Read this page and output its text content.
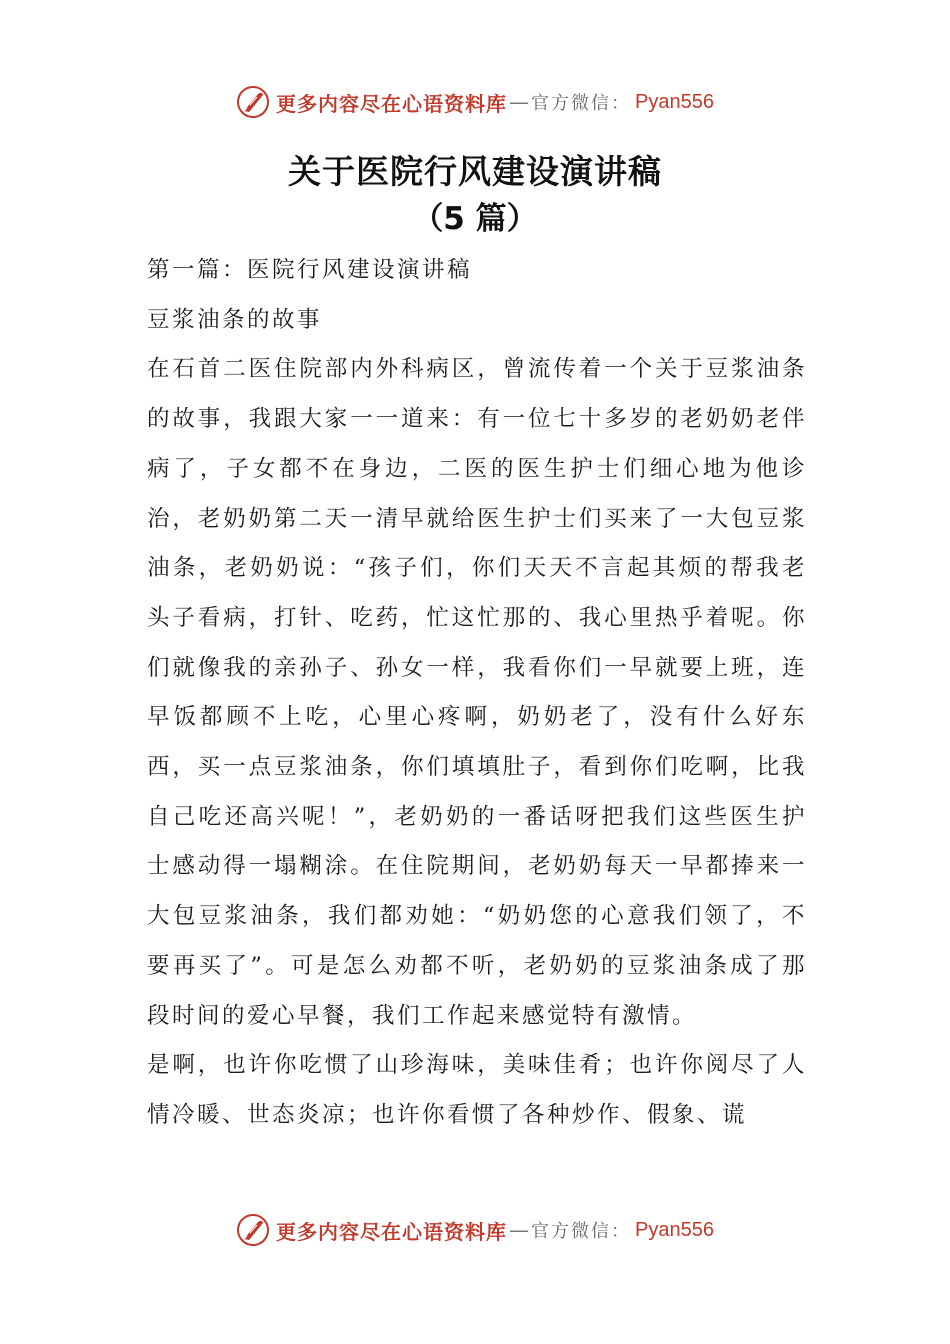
更多内容尽在心语资料库 — 官方微信： Pyan556
关于医院行风建设演讲稿
（5 篇）

第一篇：医院行风建设演讲稿

豆浆油条的故事

在石首二医住院部内外科病区，曾流传着一个关于豆浆油条的故事，我跟大家一一道来：有一位七十多岁的老奶奶老伴病了，子女都不在身边，二医的医生护士们细心地为他诊治，老奶奶第二天一清早就给医生护士们买来了一大包豆浆油条，老奶奶说：“孩子们，你们天天不言起其烦的帮我老头子看病，打针、吃药，忙这忙那的、我心里热乎着呢。你们就像我的亲孙子、孙女一样，我看你们一早就要上班，连早饭都顾不上吃，心里心疼啊，奶奶老了，没有什么好东西，买一点豆浆油条，你们填填肚子，看到你们吃啊，比我自己吃还高兴呢！”，老奶奶的一番话呀把我们这些医生护士感动得一塌糊涂。在住院期间，老奶奶每天一早都捧来一大包豆浆油条，我们都劝她：“奶奶您的心意我们领了，不要再买了”。可是怎么劝都不听，老奶奶的豆浆油条成了那段时间的爱心早餐，我们工作起来感觉特有激情。

是啊，也许你吃惯了山珍海味，美味佳肴；也许你阅尽了人情冷暖、世态炎凉；也许你看惯了各种炒作、假象、谎

更多内容尽在心语资料库 — 官方微信： Pyan556
